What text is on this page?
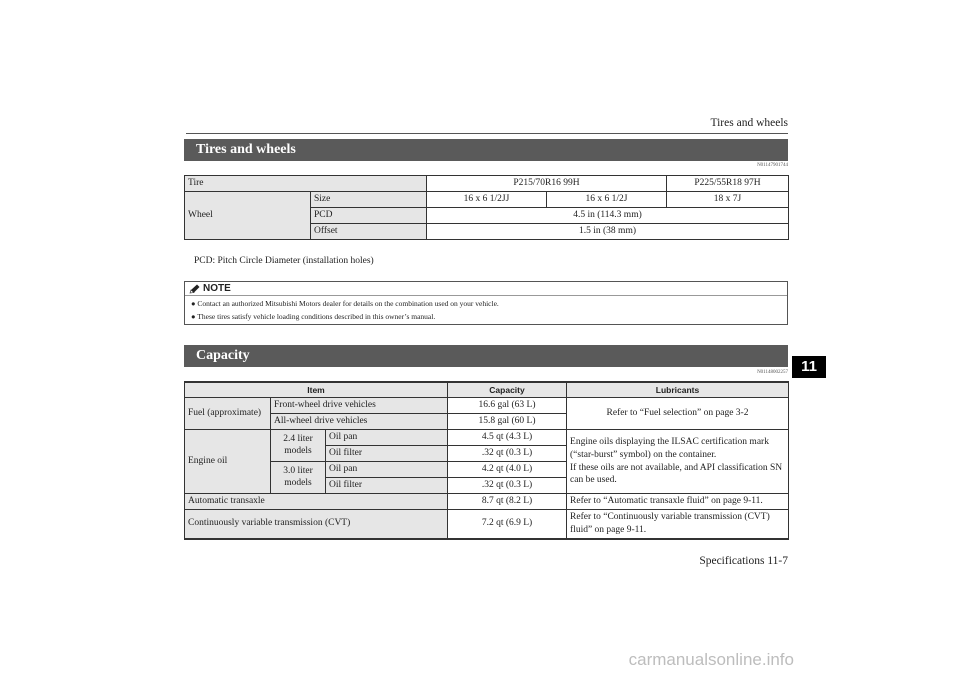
Tires and wheels
Tires and wheels
N01147901744
Tire		P215/70R16 99H		P225/55R18 97H
Wheel	Size	16 x 6 1/2JJ	16 x 6 1/2J	18 x 7J
	PCD	4.5 in (114.3 mm)		
	Offset	1.5 in (38 mm)		
PCD: Pitch Circle Diameter (installation holes)
NOTE
● Contact an authorized Mitsubishi Motors dealer for details on the combination used on your vehicle.
● These tires satisfy vehicle loading conditions described in this owner’s manual.
Capacity
N01148002257
Item			Capacity	Lubricants
Fuel (approximate)	Front-wheel drive vehicles		16.6 gal (63 L)	Refer to “Fuel selection” on page 3-2
	All-wheel drive vehicles		15.8 gal (60 L)	
Engine oil	2.4 liter models	Oil pan	4.5 qt (4.3 L)	Engine oils displaying the ILSAC certification mark (“star-burst” symbol) on the container.
If these oils are not available, and API classification SN can be used.

		Oil filter	.32 qt (0.3 L)	
	3.0 liter models	Oil pan	4.2 qt (4.0 L)	
		Oil filter	.32 qt (0.3 L)	
Automatic transaxle			8.7 qt (8.2 L)	Refer to “Automatic transaxle fluid” on page 9-11.
Continuously variable transmission (CVT)			7.2 qt (6.9 L)	Refer to “Continuously variable transmission (CVT) fluid” on page 9-11.
11
Specifications 11-7
carmanualsonline.info
